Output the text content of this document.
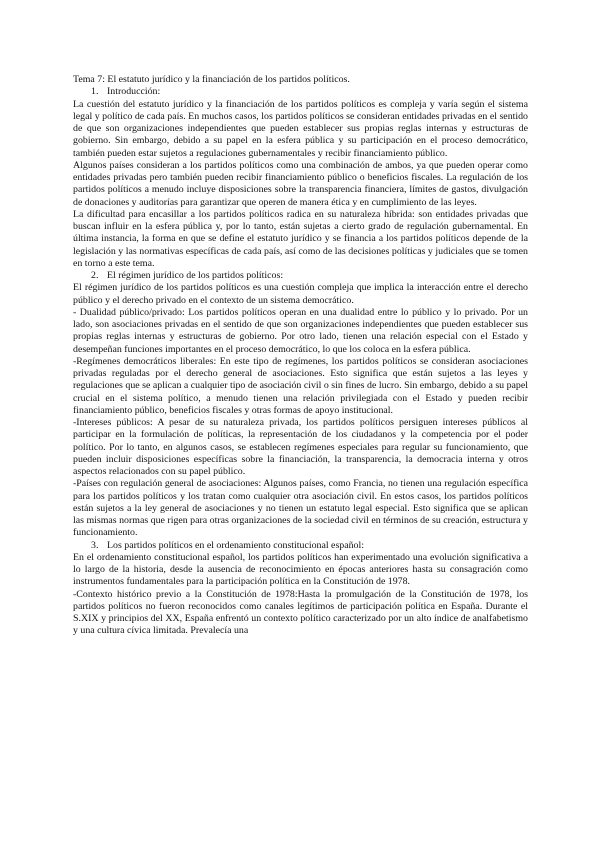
Tema 7: El estatuto jurídico y la financiación de los partidos políticos.

1. Introducción:

La cuestión del estatuto jurídico y la financiación de los partidos políticos es compleja y varía según el sistema legal y político de cada país. En muchos casos, los partidos políticos se consideran entidades privadas en el sentido de que son organizaciones independientes que pueden establecer sus propias reglas internas y estructuras de gobierno. Sin embargo, debido a su papel en la esfera pública y su participación en el proceso democrático, también pueden estar sujetos a regulaciones gubernamentales y recibir financiamiento público.

Algunos países consideran a los partidos políticos como una combinación de ambos, ya que pueden operar como entidades privadas pero también pueden recibir financiamiento público o beneficios fiscales. La regulación de los partidos políticos a menudo incluye disposiciones sobre la transparencia financiera, límites de gastos, divulgación de donaciones y auditorías para garantizar que operen de manera ética y en cumplimiento de las leyes.

La dificultad para encasillar a los partidos políticos radica en su naturaleza híbrida: son entidades privadas que buscan influir en la esfera pública y, por lo tanto, están sujetas a cierto grado de regulación gubernamental. En última instancia, la forma en que se define el estatuto jurídico y se financia a los partidos políticos depende de la legislación y las normativas específicas de cada país, así como de las decisiones políticas y judiciales que se tomen en torno a este tema.

2. El régimen jurídico de los partidos políticos:

El régimen jurídico de los partidos políticos es una cuestión compleja que implica la interacción entre el derecho público y el derecho privado en el contexto de un sistema democrático.

- Dualidad público/privado: Los partidos políticos operan en una dualidad entre lo público y lo privado. Por un lado, son asociaciones privadas en el sentido de que son organizaciones independientes que pueden establecer sus propias reglas internas y estructuras de gobierno. Por otro lado, tienen una relación especial con el Estado y desempeñan funciones importantes en el proceso democrático, lo que los coloca en la esfera pública.

-Regímenes democráticos liberales: En este tipo de regímenes, los partidos políticos se consideran asociaciones privadas reguladas por el derecho general de asociaciones. Esto significa que están sujetos a las leyes y regulaciones que se aplican a cualquier tipo de asociación civil o sin fines de lucro. Sin embargo, debido a su papel crucial en el sistema político, a menudo tienen una relación privilegiada con el Estado y pueden recibir financiamiento público, beneficios fiscales y otras formas de apoyo institucional.

-Intereses públicos: A pesar de su naturaleza privada, los partidos políticos persiguen intereses públicos al participar en la formulación de políticas, la representación de los ciudadanos y la competencia por el poder político. Por lo tanto, en algunos casos, se establecen regímenes especiales para regular su funcionamiento, que pueden incluir disposiciones específicas sobre la financiación, la transparencia, la democracia interna y otros aspectos relacionados con su papel público.

-Países con regulación general de asociaciones: Algunos países, como Francia, no tienen una regulación específica para los partidos políticos y los tratan como cualquier otra asociación civil. En estos casos, los partidos políticos están sujetos a la ley general de asociaciones y no tienen un estatuto legal especial. Esto significa que se aplican las mismas normas que rigen para otras organizaciones de la sociedad civil en términos de su creación, estructura y funcionamiento.

3. Los partidos políticos en el ordenamiento constitucional español:

En el ordenamiento constitucional español, los partidos políticos han experimentado una evolución significativa a lo largo de la historia, desde la ausencia de reconocimiento en épocas anteriores hasta su consagración como instrumentos fundamentales para la participación política en la Constitución de 1978.

-Contexto histórico previo a la Constitución de 1978:Hasta la promulgación de la Constitución de 1978, los partidos políticos no fueron reconocidos como canales legítimos de participación política en España. Durante el S.XIX y principios del XX, España enfrentó un contexto político caracterizado por un alto índice de analfabetismo y una cultura cívica limitada. Prevalecía una
